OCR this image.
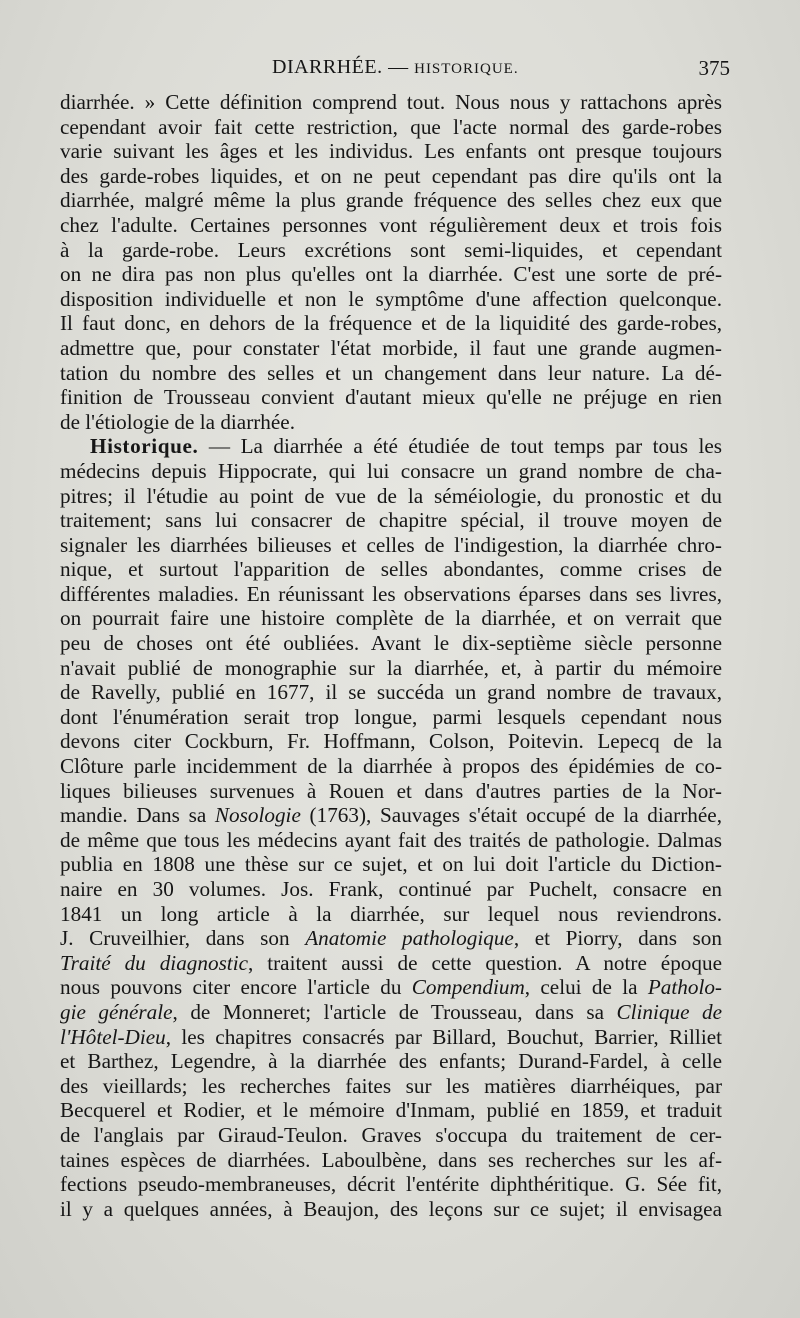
DIARRHÉE. — HISTORIQUE.	375
diarrhée. » Cette définition comprend tout. Nous nous y rattachons après
cependant avoir fait cette restriction, que l'acte normal des garde-robes
varie suivant les âges et les individus. Les enfants ont presque toujours
des garde-robes liquides, et on ne peut cependant pas dire qu'ils ont la
diarrhée, malgré même la plus grande fréquence des selles chez eux que
chez l'adulte. Certaines personnes vont régulièrement deux et trois fois
à la garde-robe. Leurs excrétions sont semi-liquides, et cependant
on ne dira pas non plus qu'elles ont la diarrhée. C'est une sorte de pré-
disposition individuelle et non le symptôme d'une affection quelconque.
Il faut donc, en dehors de la fréquence et de la liquidité des garde-robes,
admettre que, pour constater l'état morbide, il faut une grande augmen-
tation du nombre des selles et un changement dans leur nature. La dé-
finition de Trousseau convient d'autant mieux qu'elle ne préjuge en rien
de l'étiologie de la diarrhée.
Historique. — La diarrhée a été étudiée de tout temps par tous les
médecins depuis Hippocrate, qui lui consacre un grand nombre de cha-
pitres; il l'étudie au point de vue de la séméiologie, du pronostic et du
traitement; sans lui consacrer de chapitre spécial, il trouve moyen de
signaler les diarrhées bilieuses et celles de l'indigestion, la diarrhée chro-
nique, et surtout l'apparition de selles abondantes, comme crises de
différentes maladies. En réunissant les observations éparses dans ses livres,
on pourrait faire une histoire complète de la diarrhée, et on verrait que
peu de choses ont été oubliées. Avant le dix-septième siècle personne
n'avait publié de monographie sur la diarrhée, et, à partir du mémoire
de Ravelly, publié en 1677, il se succéda un grand nombre de travaux,
dont l'énumération serait trop longue, parmi lesquels cependant nous
devons citer Cockburn, Fr. Hoffmann, Colson, Poitevin. Lepecq de la
Clôture parle incidemment de la diarrhée à propos des épidémies de co-
liques bilieuses survenues à Rouen et dans d'autres parties de la Nor-
mandie. Dans sa Nosologie (1763), Sauvages s'était occupé de la diarrhée,
de même que tous les médecins ayant fait des traités de pathologie. Dalmas
publia en 1808 une thèse sur ce sujet, et on lui doit l'article du Diction-
naire en 30 volumes. Jos. Frank, continué par Puchelt, consacre en
1841 un long article à la diarrhée, sur lequel nous reviendrons.
J. Cruveilhier, dans son Anatomie pathologique, et Piorry, dans son
Traité du diagnostic, traitent aussi de cette question. A notre époque
nous pouvons citer encore l'article du Compendium, celui de la Patholo-
gie générale, de Monneret; l'article de Trousseau, dans sa Clinique de
l'Hôtel-Dieu, les chapitres consacrés par Billard, Bouchut, Barrier, Rilliet
et Barthez, Legendre, à la diarrhée des enfants; Durand-Fardel, à celle
des vieillards; les recherches faites sur les matières diarrhéiques, par
Becquerel et Rodier, et le mémoire d'Inmam, publié en 1859, et traduit
de l'anglais par Giraud-Teulon. Graves s'occupa du traitement de cer-
taines espèces de diarrhées. Laboulbène, dans ses recherches sur les af-
fections pseudo-membraneuses, décrit l'entérite diphthéritique. G. Sée fit,
il y a quelques années, à Beaujon, des leçons sur ce sujet; il envisagea
